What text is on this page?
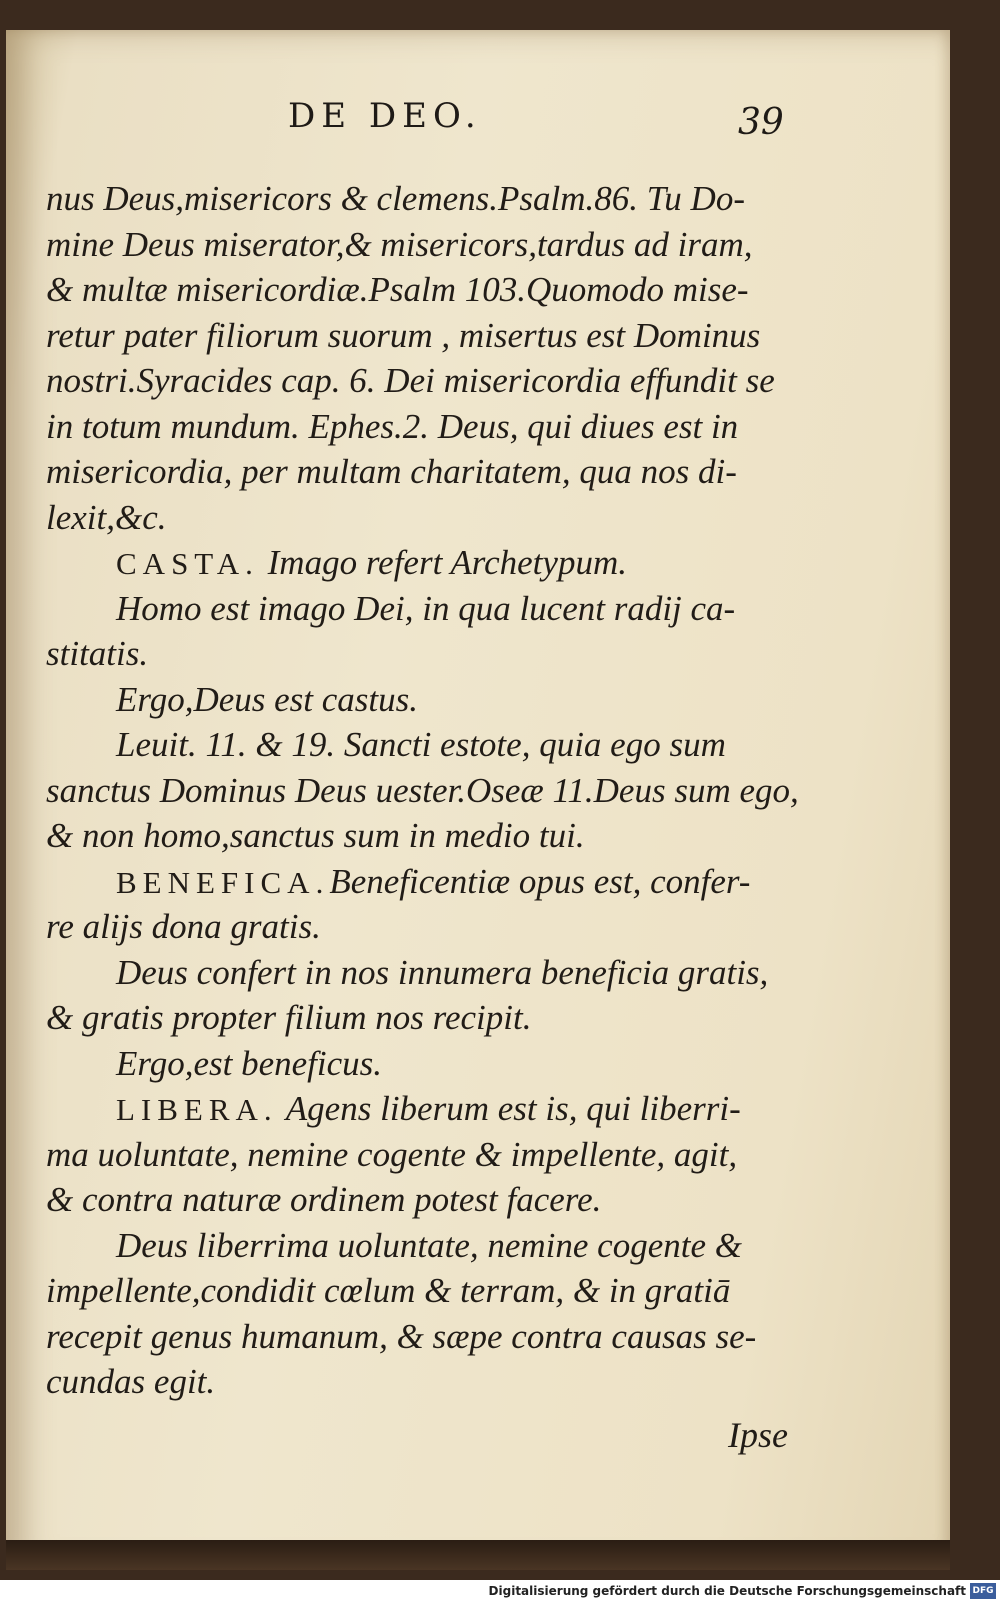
DE DEO.	39
nus Deus,misericors & clemens.Psalm.86. Tu Do-
mine Deus miserator,& misericors,tardus ad iram,
& multæ misericordiæ.Psalm 103.Quomodo mise-
retur pater filiorum suorum , misertus est Dominus
nostri.Syracides cap. 6. Dei misericordia effundit se
in totum mundum. Ephes.2. Deus, qui diues est in
misericordia, per multam charitatem, qua nos di-
lexit,&c.
CASTA. Imago refert Archetypum.
Homo est imago Dei, in qua lucent radij ca-
stitatis.
Ergo,Deus est castus.
Leuit. 11. & 19. Sancti estote, quia ego sum
sanctus Dominus Deus uester.Oseæ 11.Deus sum ego,
& non homo,sanctus sum in medio tui.
BENEFICA.Beneficentiæ opus est, confer-
re alijs dona gratis.
Deus confert in nos innumera beneficia gratis,
& gratis propter filium nos recipit.
Ergo,est beneficus.
LIBERA. Agens liberum est is, qui liberri-
ma uoluntate, nemine cogente & impellente, agit,
& contra naturæ ordinem potest facere.
Deus liberrima uoluntate, nemine cogente &
impellente,condidit cœlum & terram, & in gratiā
recepit genus humanum, & sæpe contra causas se-
cundas egit.
Ipse
Digitalisierung gefördert durch die Deutsche Forschungsgemeinschaft DFG
